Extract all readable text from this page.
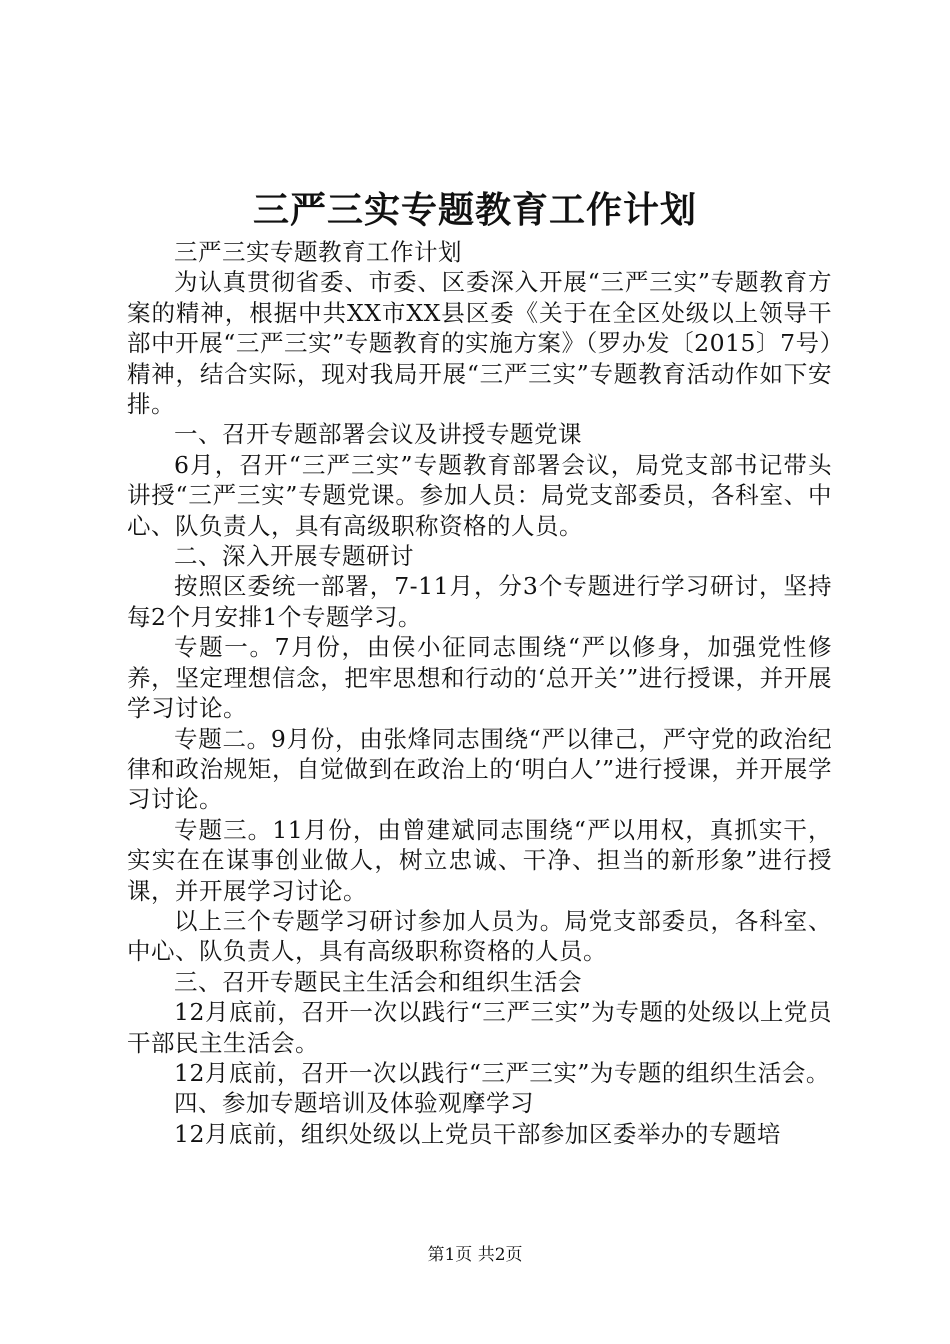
三严三实专题教育工作计划

三严三实专题教育工作计划

为认真贯彻省委、市委、区委深入开展“三严三实”专题教育方案的精神，根据中共XX市XX县区委《关于在全区处级以上领导干部中开展“三严三实”专题教育的实施方案》（罗办发〔2015〕7号）精神，结合实际，现对我局开展“三严三实”专题教育活动作如下安排。

一、召开专题部署会议及讲授专题党课

6月，召开“三严三实”专题教育部署会议，局党支部书记带头讲授“三严三实”专题党课。参加人员：局党支部委员，各科室、中心、队负责人，具有高级职称资格的人员。

二、深入开展专题研讨

按照区委统一部署，7-11月，分3个专题进行学习研讨，坚持每2个月安排1个专题学习。

专题一。7月份，由侯小征同志围绕“严以修身，加强党性修养，坚定理想信念，把牢思想和行动的‘总开关’”进行授课，并开展学习讨论。

专题二。9月份，由张烽同志围绕“严以律己，严守党的政治纪律和政治规矩，自觉做到在政治上的‘明白人’”进行授课，并开展学习讨论。

专题三。11月份，由曾建斌同志围绕“严以用权，真抓实干，实实在在谋事创业做人，树立忠诚、干净、担当的新形象”进行授课，并开展学习讨论。

以上三个专题学习研讨参加人员为。局党支部委员，各科室、中心、队负责人，具有高级职称资格的人员。

三、召开专题民主生活会和组织生活会

12月底前，召开一次以践行“三严三实”为专题的处级以上党员干部民主生活会。

12月底前，召开一次以践行“三严三实”为专题的组织生活会。

四、参加专题培训及体验观摩学习

12月底前，组织处级以上党员干部参加区委举办的专题培

第1页 共2页
